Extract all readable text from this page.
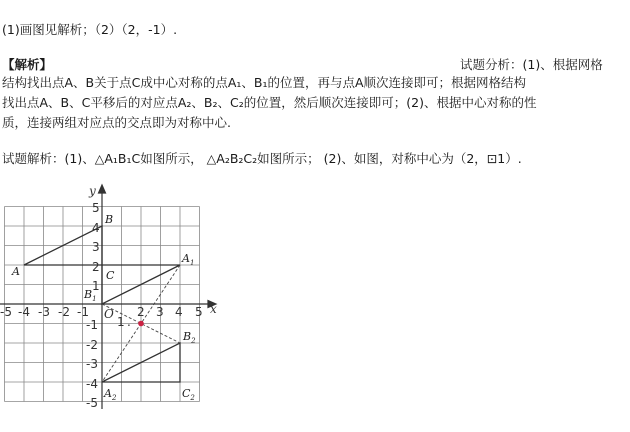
(1)画图见解析；（2）（2，-1）.
【解析】	试题分析：(1)、根据网格
结构找出点A、B关于点C成中心对称的点A₁、B₁的位置，再与点A顺次连接即可；根据网格结构
找出点A、B、C平移后的对应点A₂、B₂、C₂的位置，然后顺次连接即可；(2)、根据中心对称的性
质，连接两组对应点的交点即为对称中心.
试题解析：(1)、△A₁B₁C如图所示， △A₂B₂C₂如图所示； (2)、如图，对称中心为（2，⊡1）.
x
y
O
-5 -4 -3 -2 -1
1
2 3 4 5
.
5
4
3
2
1
-1
-2
-3
-4
-5
A
B
C
$A_1$
$B_1$
$A_2$
$B_2$
$C_2$
